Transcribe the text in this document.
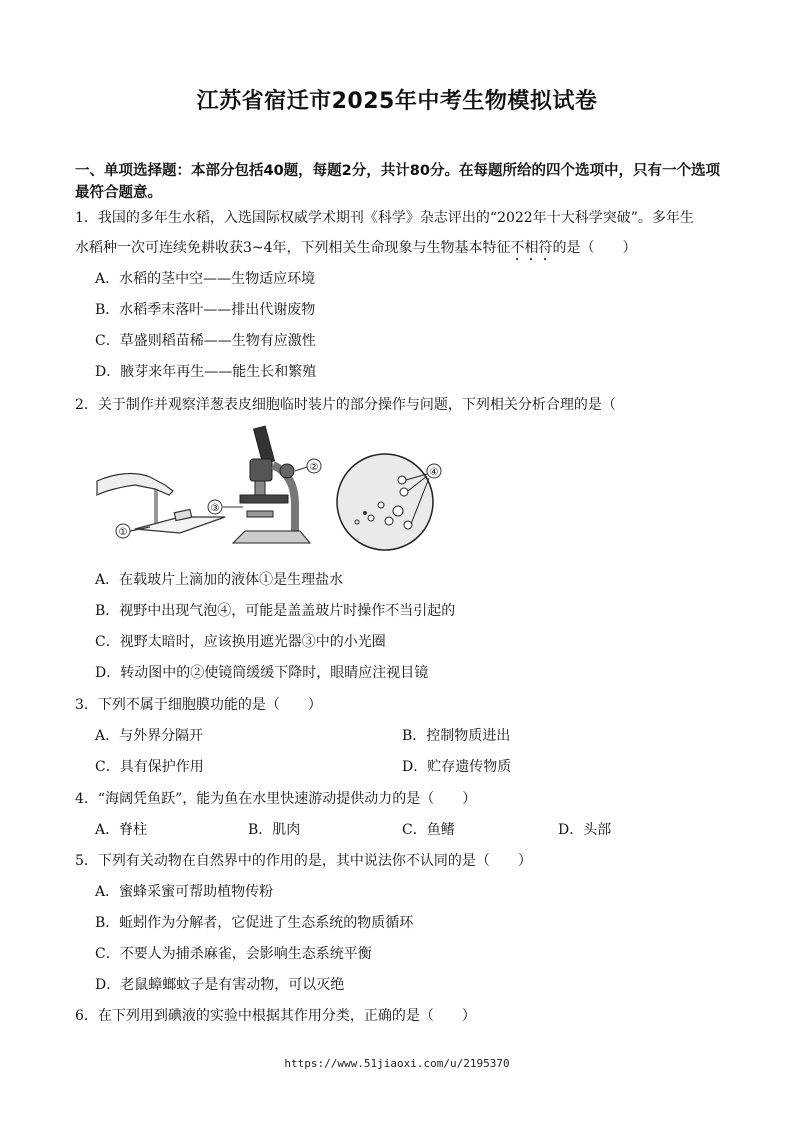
江苏省宿迁市2025年中考生物模拟试卷
一、单项选择题：本部分包括40题，每题2分，共计80分。在每题所给的四个选项中，只有一个选项最符合题意。
1．我国的多年生水稻，入选国际权威学术期刊《科学》杂志评出的“2022年十大科学突破”。多年生
水稻种一次可连续免耕收获3~4年，下列相关生命现象与生物基本特征不相符的是（　　）
A．水稻的茎中空——生物适应环境
B．水稻季末落叶——排出代谢废物
C．草盛则稻苗稀——生物有应激性
D．腋芽来年再生——能生长和繁殖
2．关于制作并观察洋葱表皮细胞临时装片的部分操作与问题，下列相关分析合理的是（
①
②
③
④
A．在载玻片上滴加的液体①是生理盐水
B．视野中出现气泡④，可能是盖盖玻片时操作不当引起的
C．视野太暗时，应该换用遮光器③中的小光圈
D．转动图中的②使镜筒缓缓下降时，眼睛应注视目镜
3．下列不属于细胞膜功能的是（　　）
A．与外界分隔开	B．控制物质进出
C．具有保护作用	D．贮存遗传物质
4．“海阔凭鱼跃”，能为鱼在水里快速游动提供动力的是（　　）
A．脊柱	B．肌肉	C．鱼鳍	D．头部
5．下列有关动物在自然界中的作用的是，其中说法你不认同的是（　　）
A．蜜蜂采蜜可帮助植物传粉
B．蚯蚓作为分解者，它促进了生态系统的物质循环
C．不要人为捕杀麻雀，会影响生态系统平衡
D．老鼠蟑螂蚊子是有害动物，可以灭绝
6．在下列用到碘液的实验中根据其作用分类，正确的是（　　）
https://www.51jiaoxi.com/u/2195370
